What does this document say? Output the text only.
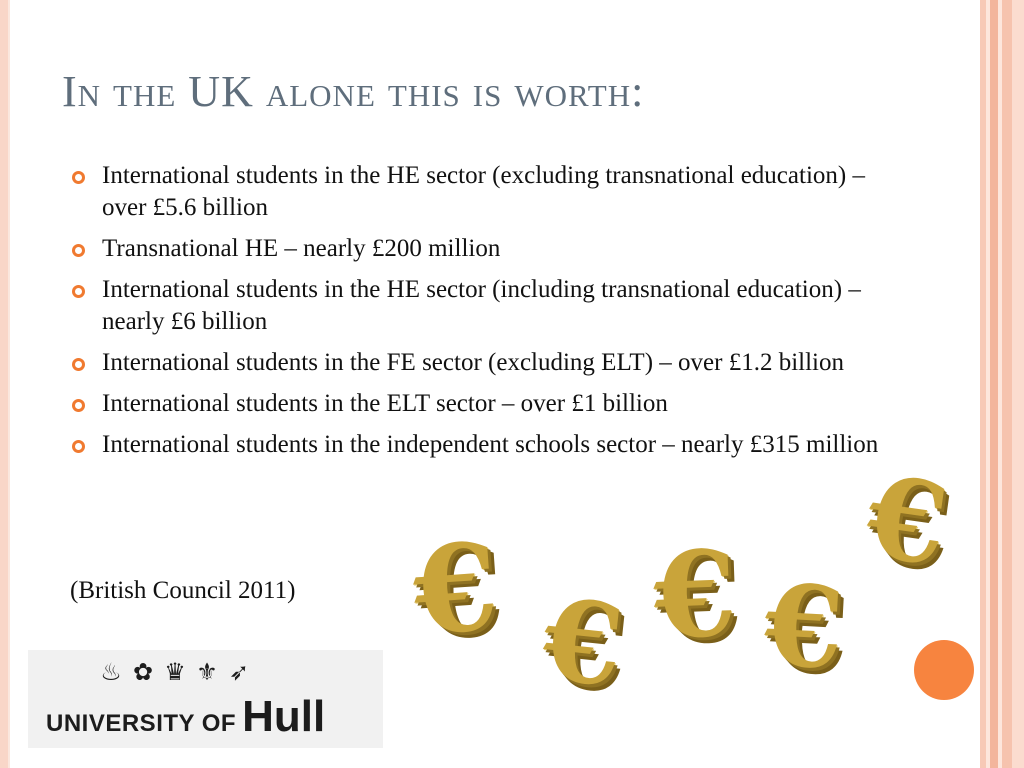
In the UK alone this is worth:
International students in the HE sector (excluding transnational education) – over £5.6 billion
Transnational HE – nearly £200 million
International students in the HE sector (including transnational education) – nearly £6 billion
International students in the FE sector (excluding ELT) – over £1.2 billion
International students in the ELT sector – over £1 billion
International students in the independent schools sector – nearly £315 million
(British Council 2011)
♨ ✿ ♛ ⚜ ➶
UNIVERSITY OF Hull
€ € € €
€
